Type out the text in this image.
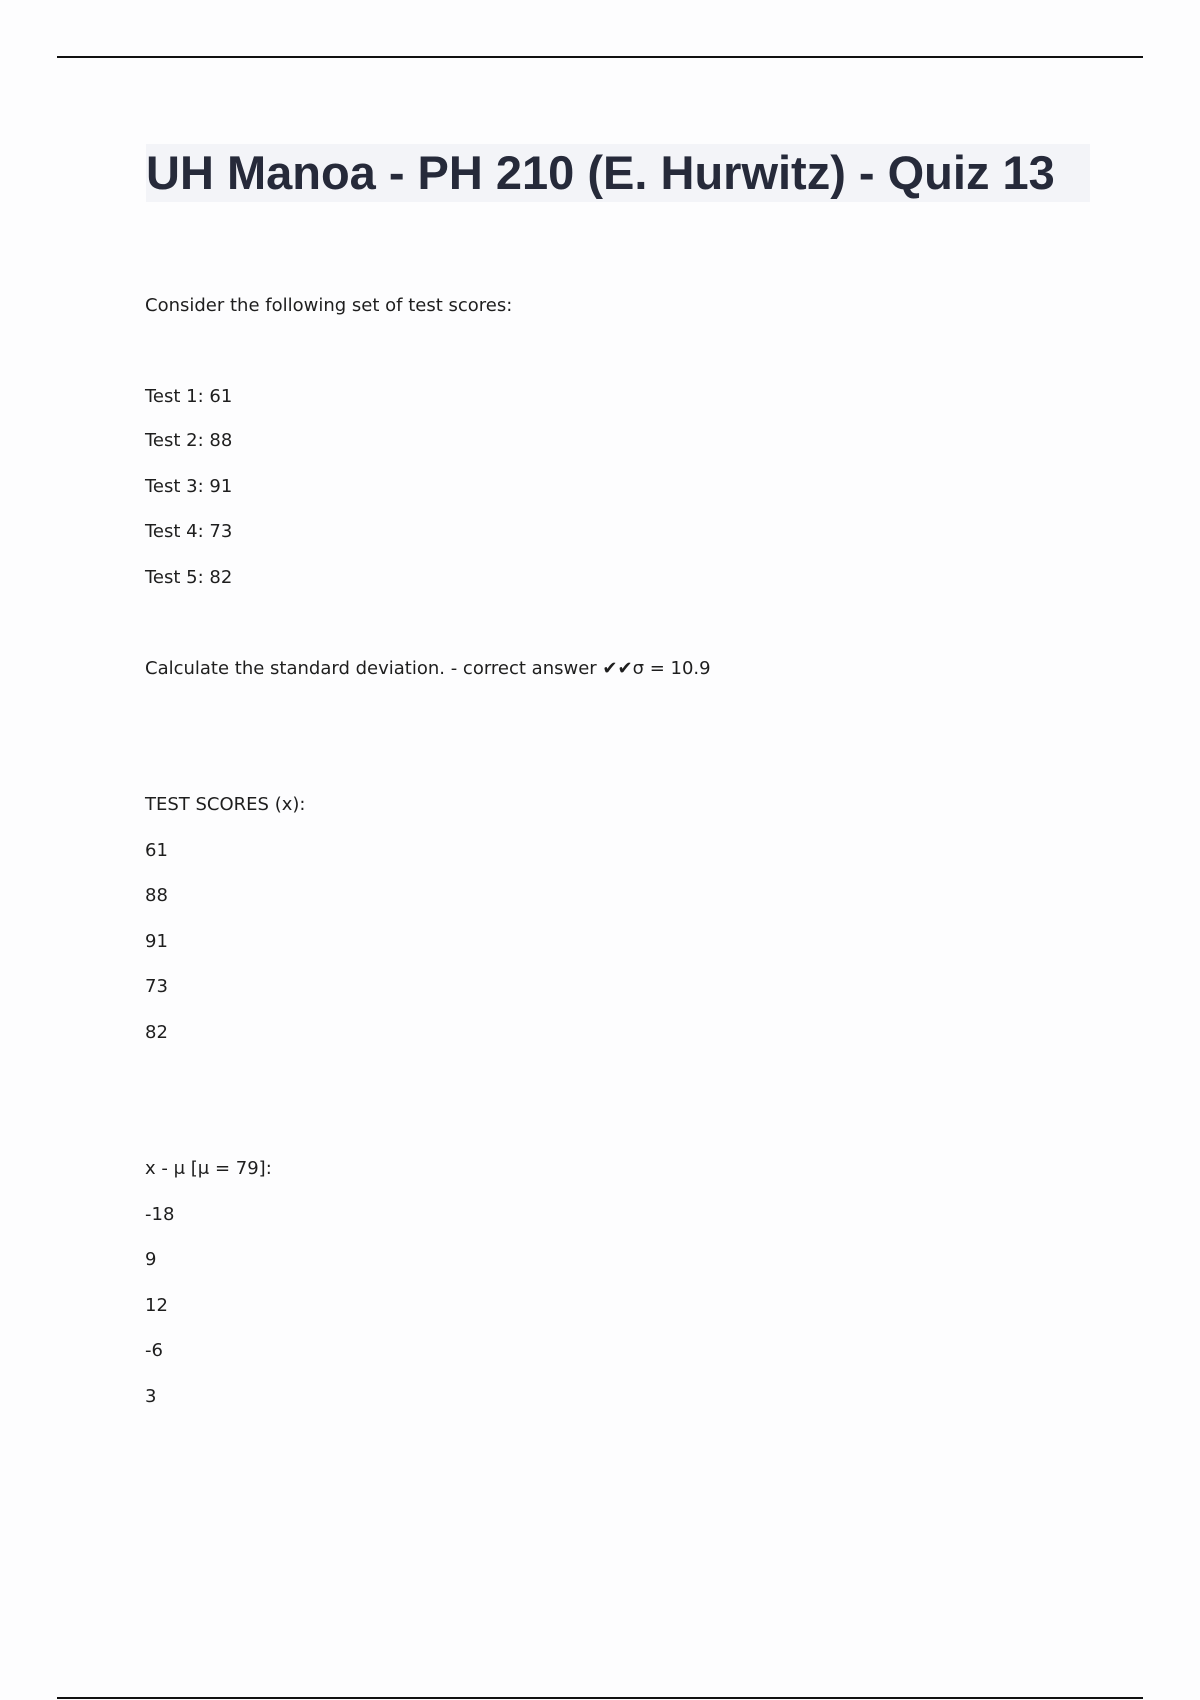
UH Manoa - PH 210 (E. Hurwitz) - Quiz 13

Consider the following set of test scores:

Test 1: 61

Test 2: 88

Test 3: 91

Test 4: 73

Test 5: 82

Calculate the standard deviation. - correct answer ✔✔σ = 10.9

TEST SCORES (x):

61

88

91

73

82

x - μ [μ = 79]:

-18

9

12

-6

3
